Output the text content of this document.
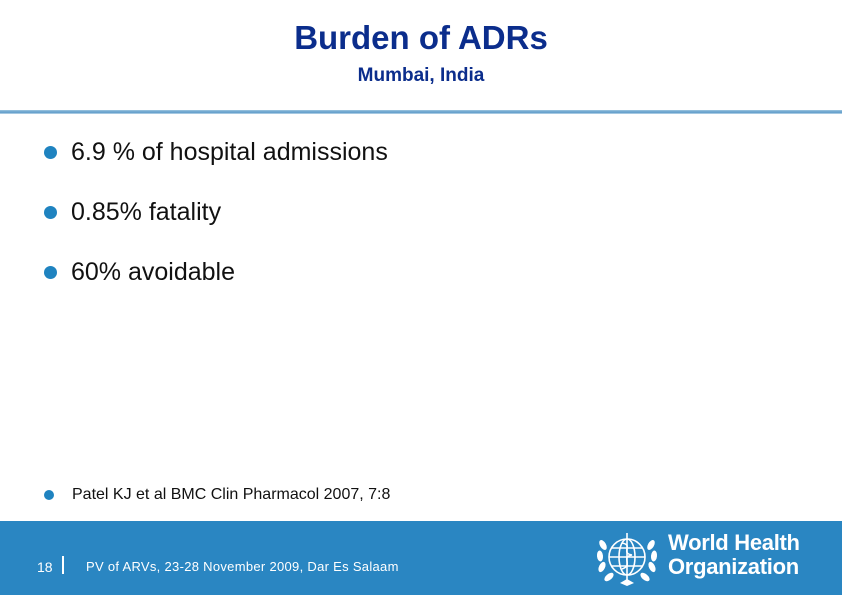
Burden of ADRs
Mumbai, India
6.9 % of hospital admissions
0.85% fatality
60% avoidable
Patel KJ et al BMC Clin Pharmacol 2007, 7:8
18	PV of ARVs, 23-28 November 2009, Dar Es Salaam
World Health
Organization
